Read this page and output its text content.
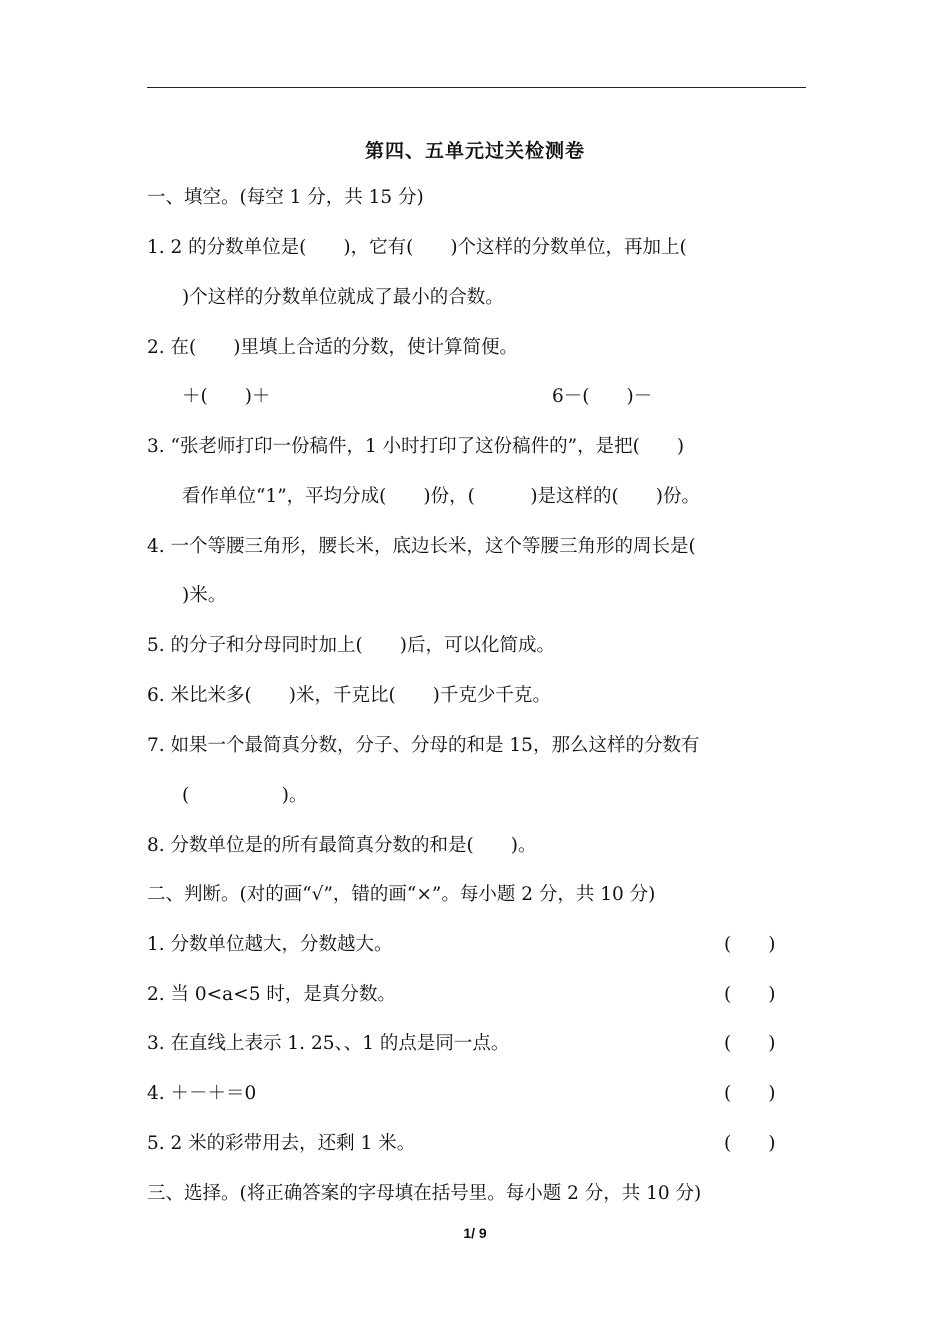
第四、五单元过关检测卷
一、填空。(每空 1 分，共 15 分)
1. 2 的分数单位是(　　)，它有(　　)个这样的分数单位，再加上(
)个这样的分数单位就成了最小的合数。
2. 在(　　)里填上合适的分数，使计算简便。
＋(　　)＋	6－(　　)－
3. “张老师打印一份稿件，1 小时打印了这份稿件的”，是把(　　)
看作单位“1”，平均分成(　　)份，(　　　)是这样的(　　)份。
4. 一个等腰三角形，腰长米，底边长米，这个等腰三角形的周长是(
)米。
5. 的分子和分母同时加上(　　)后，可以化简成。
6. 米比米多(　　)米，千克比(　　)千克少千克。
7. 如果一个最简真分数，分子、分母的和是 15，那么这样的分数有
(　　　　　)。
8. 分数单位是的所有最简真分数的和是(　　)。
二、判断。(对的画“√”，错的画“×”。每小题 2 分，共 10 分)
1. 分数单位越大，分数越大。	(　　)
2. 当 0<a<5 时，是真分数。	(　　)
3. 在直线上表示 1. 25、、1 的点是同一点。	(　　)
4. ＋－＋＝0	(　　)
5. 2 米的彩带用去，还剩 1 米。	(　　)
三、选择。(将正确答案的字母填在括号里。每小题 2 分，共 10 分)
1/ 9
